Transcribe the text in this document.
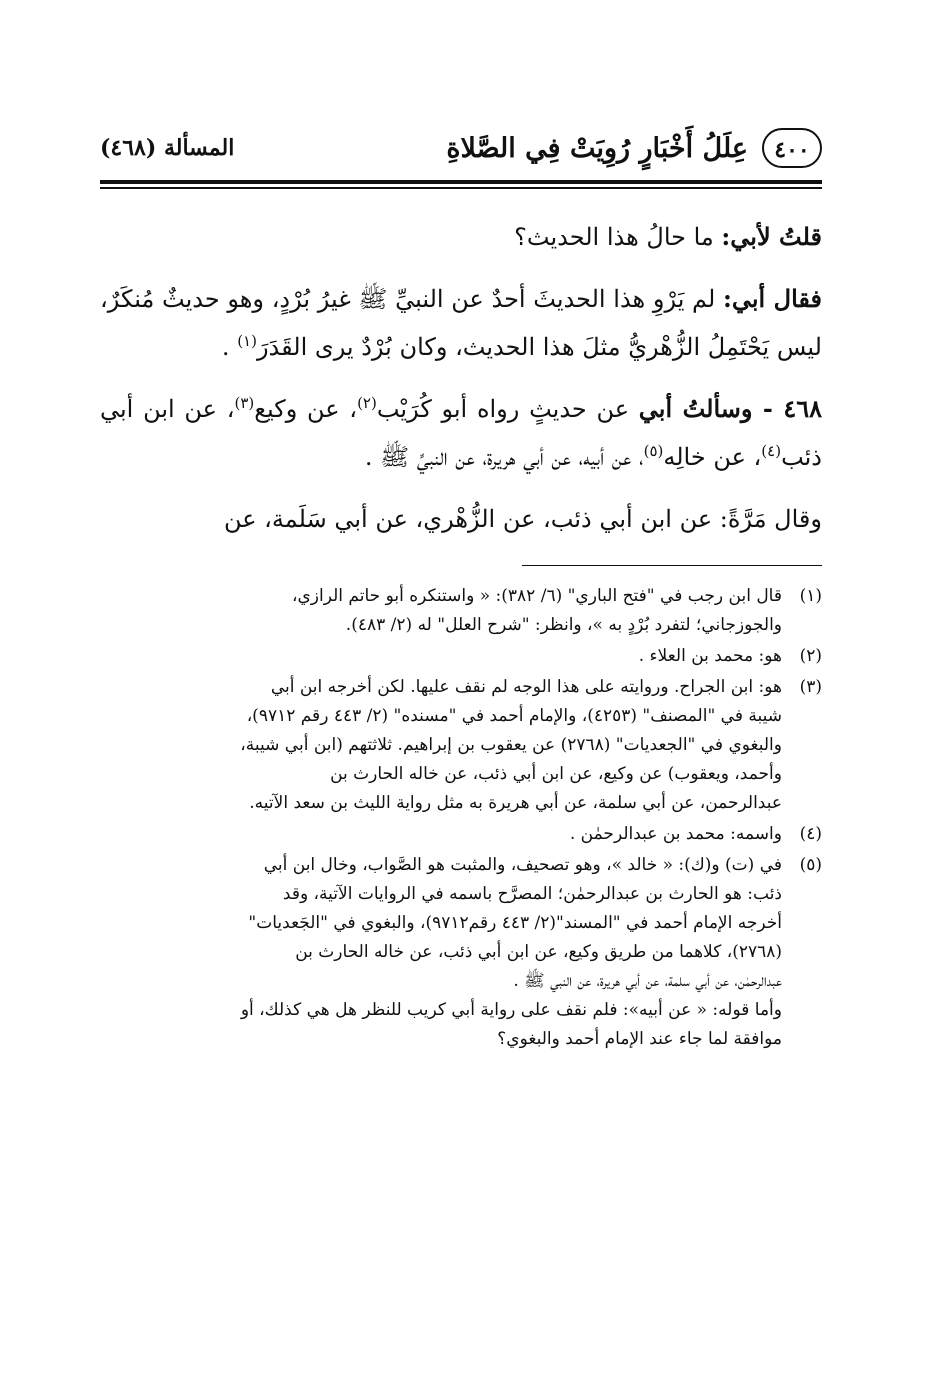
٤٠٠
عِلَلُ أَخْبَارٍ رُوِيَتْ فِي الصَّلاةِ
المسألة (٤٦٨)

قلتُ لأبي: ما حالُ هذا الحديث؟

فقال أبي: لم يَرْوِ هذا الحديثَ أحدٌ عن النبيِّ ﷺ غيرُ بُرْدٍ، وهو حديثٌ مُنكَرٌ، ليس يَحْتَمِلُ الزُّهْريُّ مثلَ هذا الحديث، وكان بُرْدٌ يرى القَدَرَ$^{(١)}$ .

٤٦٨ - وسألتُ أبي عن حديثٍ رواه أبو كُرَيْب$^{(٢)}$، عن وكيع$^{(٣)}$، عن ابن أبي ذئب$^{(٤)}$، عن خالِه$^{(٥)}$، عن أبيه، عن أبي هريرة، عن النبيِّ ﷺ .

وقال مَرَّةً: عن ابن أبي ذئب، عن الزُّهْري، عن أبي سَلَمة، عن

(١)
قال ابن رجب في "فتح الباري" (٦/ ٣٨٢): « واستنكره أبو حاتم الرازي،
والجوزجاني؛ لتفرد بُرْدٍ به »، وانظر: "شرح العلل" له (٢/ ٤٨٣).
(٢)
هو: محمد بن العلاء .
(٣)
هو: ابن الجراح. وروايته على هذا الوجه لم نقف عليها. لكن أخرجه ابن أبي
شيبة في "المصنف" (٤٢٥٣)، والإمام أحمد في "مسنده" (٢/ ٤٤٣ رقم ٩٧١٢)،
والبغوي في "الجعديات" (٢٧٦٨) عن يعقوب بن إبراهيم. ثلاثتهم (ابن أبي شيبة،
وأحمد، ويعقوب) عن وكيع، عن ابن أبي ذئب، عن خاله الحارث بن
عبدالرحمن، عن أبي سلمة، عن أبي هريرة به مثل رواية الليث بن سعد الآتيه.
(٤)
واسمه: محمد بن عبدالرحمٰن .
(٥)
في (ت) و(ك): « خالد »، وهو تصحيف، والمثبت هو الصَّواب، وخال ابن أبي
ذئب: هو الحارث بن عبدالرحمٰن؛ المصرَّح باسمه في الروايات الآتية، وقد
أخرجه الإمام أحمد في "المسند"(٢/ ٤٤٣ رقم٩٧١٢)، والبغوي في "الجَعديات"
(٢٧٦٨)، كلاهما من طريق وكيع، عن ابن أبي ذئب، عن خاله الحارث بن
عبدالرحمٰن، عن أبي سلمة، عن أبي هريرة، عن النبي ﷺ .
وأما قوله: « عن أبيه»: فلم نقف على رواية أبي كريب للنظر هل هي كذلك، أو
موافقة لما جاء عند الإمام أحمد والبغوي؟
